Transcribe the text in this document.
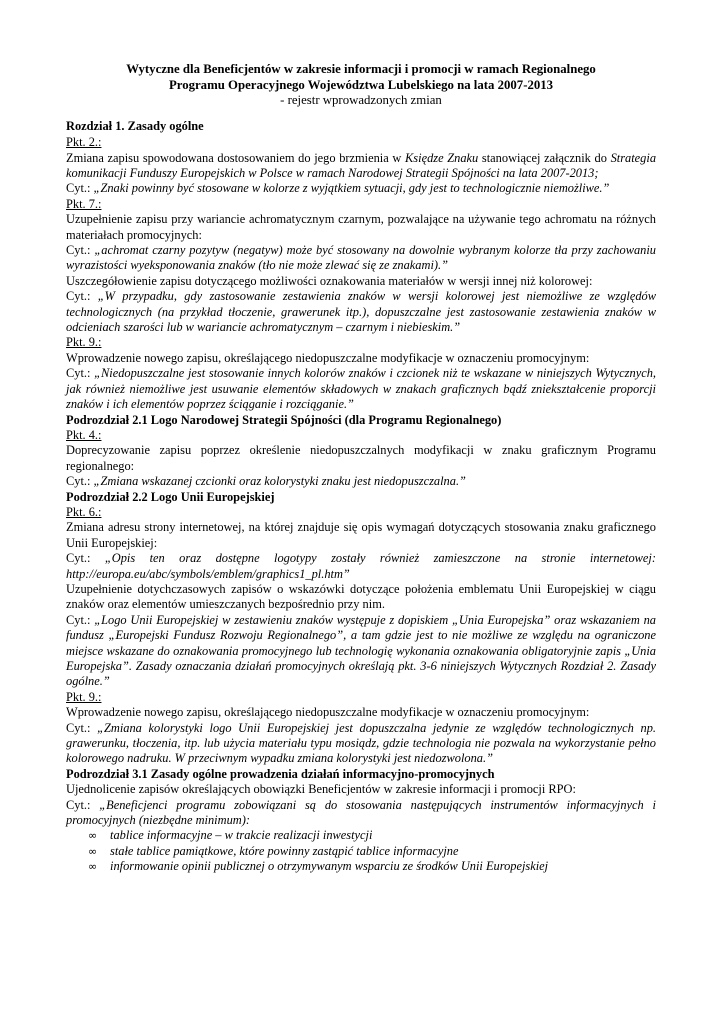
Wytyczne dla Beneficjentów w zakresie informacji i promocji w ramach Regionalnego
Programu Operacyjnego Województwa Lubelskiego na lata 2007-2013
- rejestr wprowadzonych zmian
Rozdział 1. Zasady ogólne
Pkt. 2.:

Zmiana zapisu spowodowana dostosowaniem do jego brzmienia w Księdze Znaku stanowiącej załącznik do Strategia komunikacji Funduszy Europejskich w Polsce w ramach Narodowej Strategii Spójności na lata 2007-2013;

Cyt.: „Znaki powinny być stosowane w kolorze z wyjątkiem sytuacji, gdy jest to technologicznie niemożliwe.”

Pkt. 7.:

Uzupełnienie zapisu przy wariancie achromatycznym czarnym, pozwalające na używanie tego achromatu na różnych materiałach promocyjnych:

Cyt.: „achromat czarny pozytyw (negatyw) może być stosowany na dowolnie wybranym kolorze tła przy zachowaniu wyrazistości wyeksponowania znaków (tło nie może zlewać się ze znakami).”

Uszczegółowienie zapisu dotyczącego możliwości oznakowania materiałów w wersji innej niż kolorowej:

Cyt.: „W przypadku, gdy zastosowanie zestawienia znaków w wersji kolorowej jest niemożliwe ze względów technologicznych (na przykład tłoczenie, grawerunek itp.), dopuszczalne jest zastosowanie zestawienia znaków w odcieniach szarości lub w wariancie achromatycznym – czarnym i niebieskim.”

Pkt. 9.:

Wprowadzenie nowego zapisu, określającego niedopuszczalne modyfikacje w oznaczeniu promocyjnym:

Cyt.: „Niedopuszczalne jest stosowanie innych kolorów znaków i czcionek niż te wskazane w niniejszych Wytycznych, jak również niemożliwe jest usuwanie elementów składowych w znakach graficznych bądź zniekształcenie proporcji znaków i ich elementów poprzez ściąganie i rozciąganie.”

Podrozdział 2.1 Logo Narodowej Strategii Spójności (dla Programu Regionalnego)
Pkt. 4.:

Doprecyzowanie zapisu poprzez określenie niedopuszczalnych modyfikacji w znaku graficznym Programu regionalnego:

Cyt.: „Zmiana wskazanej czcionki oraz kolorystyki znaku jest niedopuszczalna.”

Podrozdział 2.2 Logo Unii Europejskiej
Pkt. 6.:

Zmiana adresu strony internetowej, na której znajduje się opis wymagań dotyczących stosowania znaku graficznego Unii Europejskiej:

Cyt.: „Opis ten oraz dostępne logotypy zostały również zamieszczone na stronie internetowej: http://europa.eu/abc/symbols/emblem/graphics1_pl.htm”

Uzupełnienie dotychczasowych zapisów o wskazówki dotyczące położenia emblematu Unii Europejskiej w ciągu znaków oraz elementów umieszczanych bezpośrednio przy nim.

Cyt.: „Logo Unii Europejskiej w zestawieniu znaków występuje z dopiskiem „Unia Europejska” oraz wskazaniem na fundusz „Europejski Fundusz Rozwoju Regionalnego”, a tam gdzie jest to nie możliwe ze względu na ograniczone miejsce wskazane do oznakowania promocyjnego lub technologię wykonania oznakowania obligatoryjnie zapis „Unia Europejska”. Zasady oznaczania działań promocyjnych określają pkt. 3-6 niniejszych Wytycznych Rozdział 2. Zasady ogólne.”

Pkt. 9.:

Wprowadzenie nowego zapisu, określającego niedopuszczalne modyfikacje w oznaczeniu promocyjnym:

Cyt.: „Zmiana kolorystyki logo Unii Europejskiej jest dopuszczalna jedynie ze względów technologicznych np. grawerunku, tłoczenia, itp. lub użycia materiału typu mosiądz, gdzie technologia nie pozwala na wykorzystanie pełno kolorowego nadruku. W przeciwnym wypadku zmiana kolorystyki jest niedozwolona.”

Podrozdział 3.1 Zasady ogólne prowadzenia działań informacyjno-promocyjnych

Ujednolicenie zapisów określających obowiązki Beneficjentów w zakresie informacji i promocji RPO:

Cyt.: „Beneficjenci programu zobowiązani są do stosowania następujących instrumentów informacyjnych i promocyjnych (niezbędne minimum):

∞	tablice informacyjne – w trakcie realizacji inwestycji
∞	stałe tablice pamiątkowe, które powinny zastąpić tablice informacyjne
∞	informowanie opinii publicznej o otrzymywanym wsparciu ze środków Unii Europejskiej
